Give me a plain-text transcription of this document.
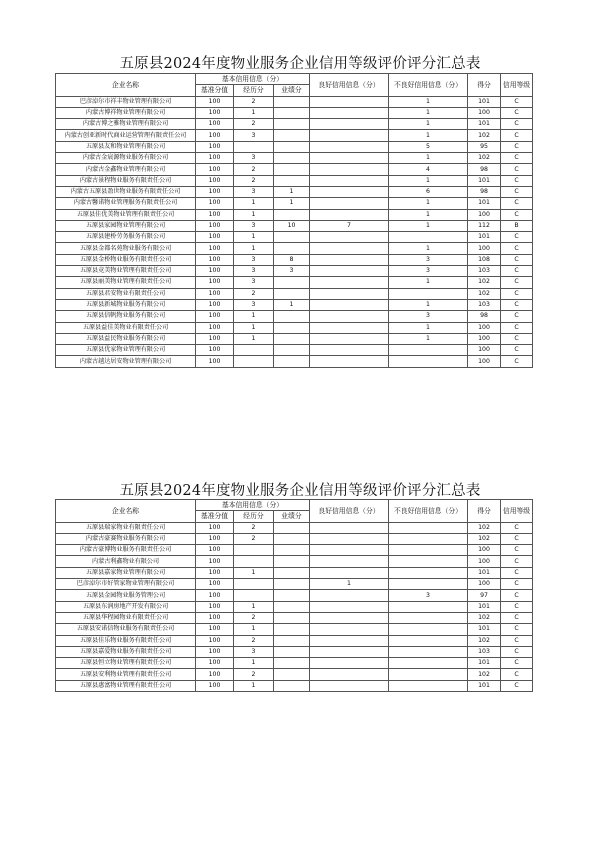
五原县2024年度物业服务企业信用等级评价评分汇总表
企业名称	基本信用信息（分）			良好信用信息（分）	不良好信用信息（分）	得分	信用等级
	基准分值	经历分	业绩分				
巴彦淖尔市祥丰物业管理有限公司	100	2			1	101	C
内蒙古博祥物业管理有限公司	100	1			1	100	C
内蒙古博之雅物业管理有限公司	100	2			1	101	C
内蒙古创亚新时代商业运营管理有限责任公司	100	3			1	102	C
五原县友和物业管理有限公司	100				5	95	C
内蒙古金宸源物业服务有限公司	100	3			1	102	C
内蒙古金鑫物业管理有限公司	100	2			4	98	C
内蒙古景程物业服务有限责任公司	100	2			1	101	C
内蒙古五原县盈世物业服务有限责任公司	100	3	1		6	98	C
内蒙古馨诺物业管理服务有限责任公司	100	1	1		1	101	C
五原县佳优美物业管理有限责任公司	100	1			1	100	C
五原县家园物业管理有限公司	100	3	10	7	1	112	B
五原县建桥劳务服务有限公司	100	1				101	C
五原县金都名苑物业服务有限公司	100	1			1	100	C
五原县金桥物业服务有限责任公司	100	3	8		3	108	C
五原县竟美物业管理有限责任公司	100	3	3		3	103	C
五原县丽美物业管理有限责任公司	100	3			1	102	C
五原县君安物业有限责任公司	100	2				102	C
五原县新城物业服务有限公司	100	3	1		1	103	C
五原县信帆物业服务有限公司	100	1			3	98	C
五原县益佳美物业有限责任公司	100	1			1	100	C
五原县益民物业服务有限公司	100	1			1	100	C
五原县优家物业管理有限公司	100					100	C
内蒙古越达居安物业管理有限公司	100					100	C
五原县2024年度物业服务企业信用等级评价评分汇总表
企业名称	基本信用信息（分）			良好信用信息（分）	不良好信用信息（分）	得分	信用等级
	基准分值	经历分	业绩分				
五原县瑞家物业有限责任公司	100	2				102	C
内蒙古豪赛物业服务有限公司	100	2				102	C
内蒙古豪博物业服务有限责任公司	100					100	C
内蒙古利鑫物业有限公司	100					100	C
五原县嘉家物业管理有限公司	100	1				101	C
巴彦淖尔市好管家物业管理有限公司	100			1		100	C
五原县金园物业服务管理公司	100				3	97	C
五原县东润房地产开发有限公司	100	1				101	C
五原县华程园物业有限责任公司	100	2				102	C
五原县安诺信物业服务有限责任公司	100	1				101	C
五原县佳乐物业服务有限责任公司	100	2				102	C
五原县嘉爱物业服务有限责任公司	100	3				103	C
五原县恒立物业管理有限责任公司	100	1				101	C
五原县安利物业管理有限责任公司	100	2				102	C
五原县惠富物业管理有限责任公司	100	1				101	C
